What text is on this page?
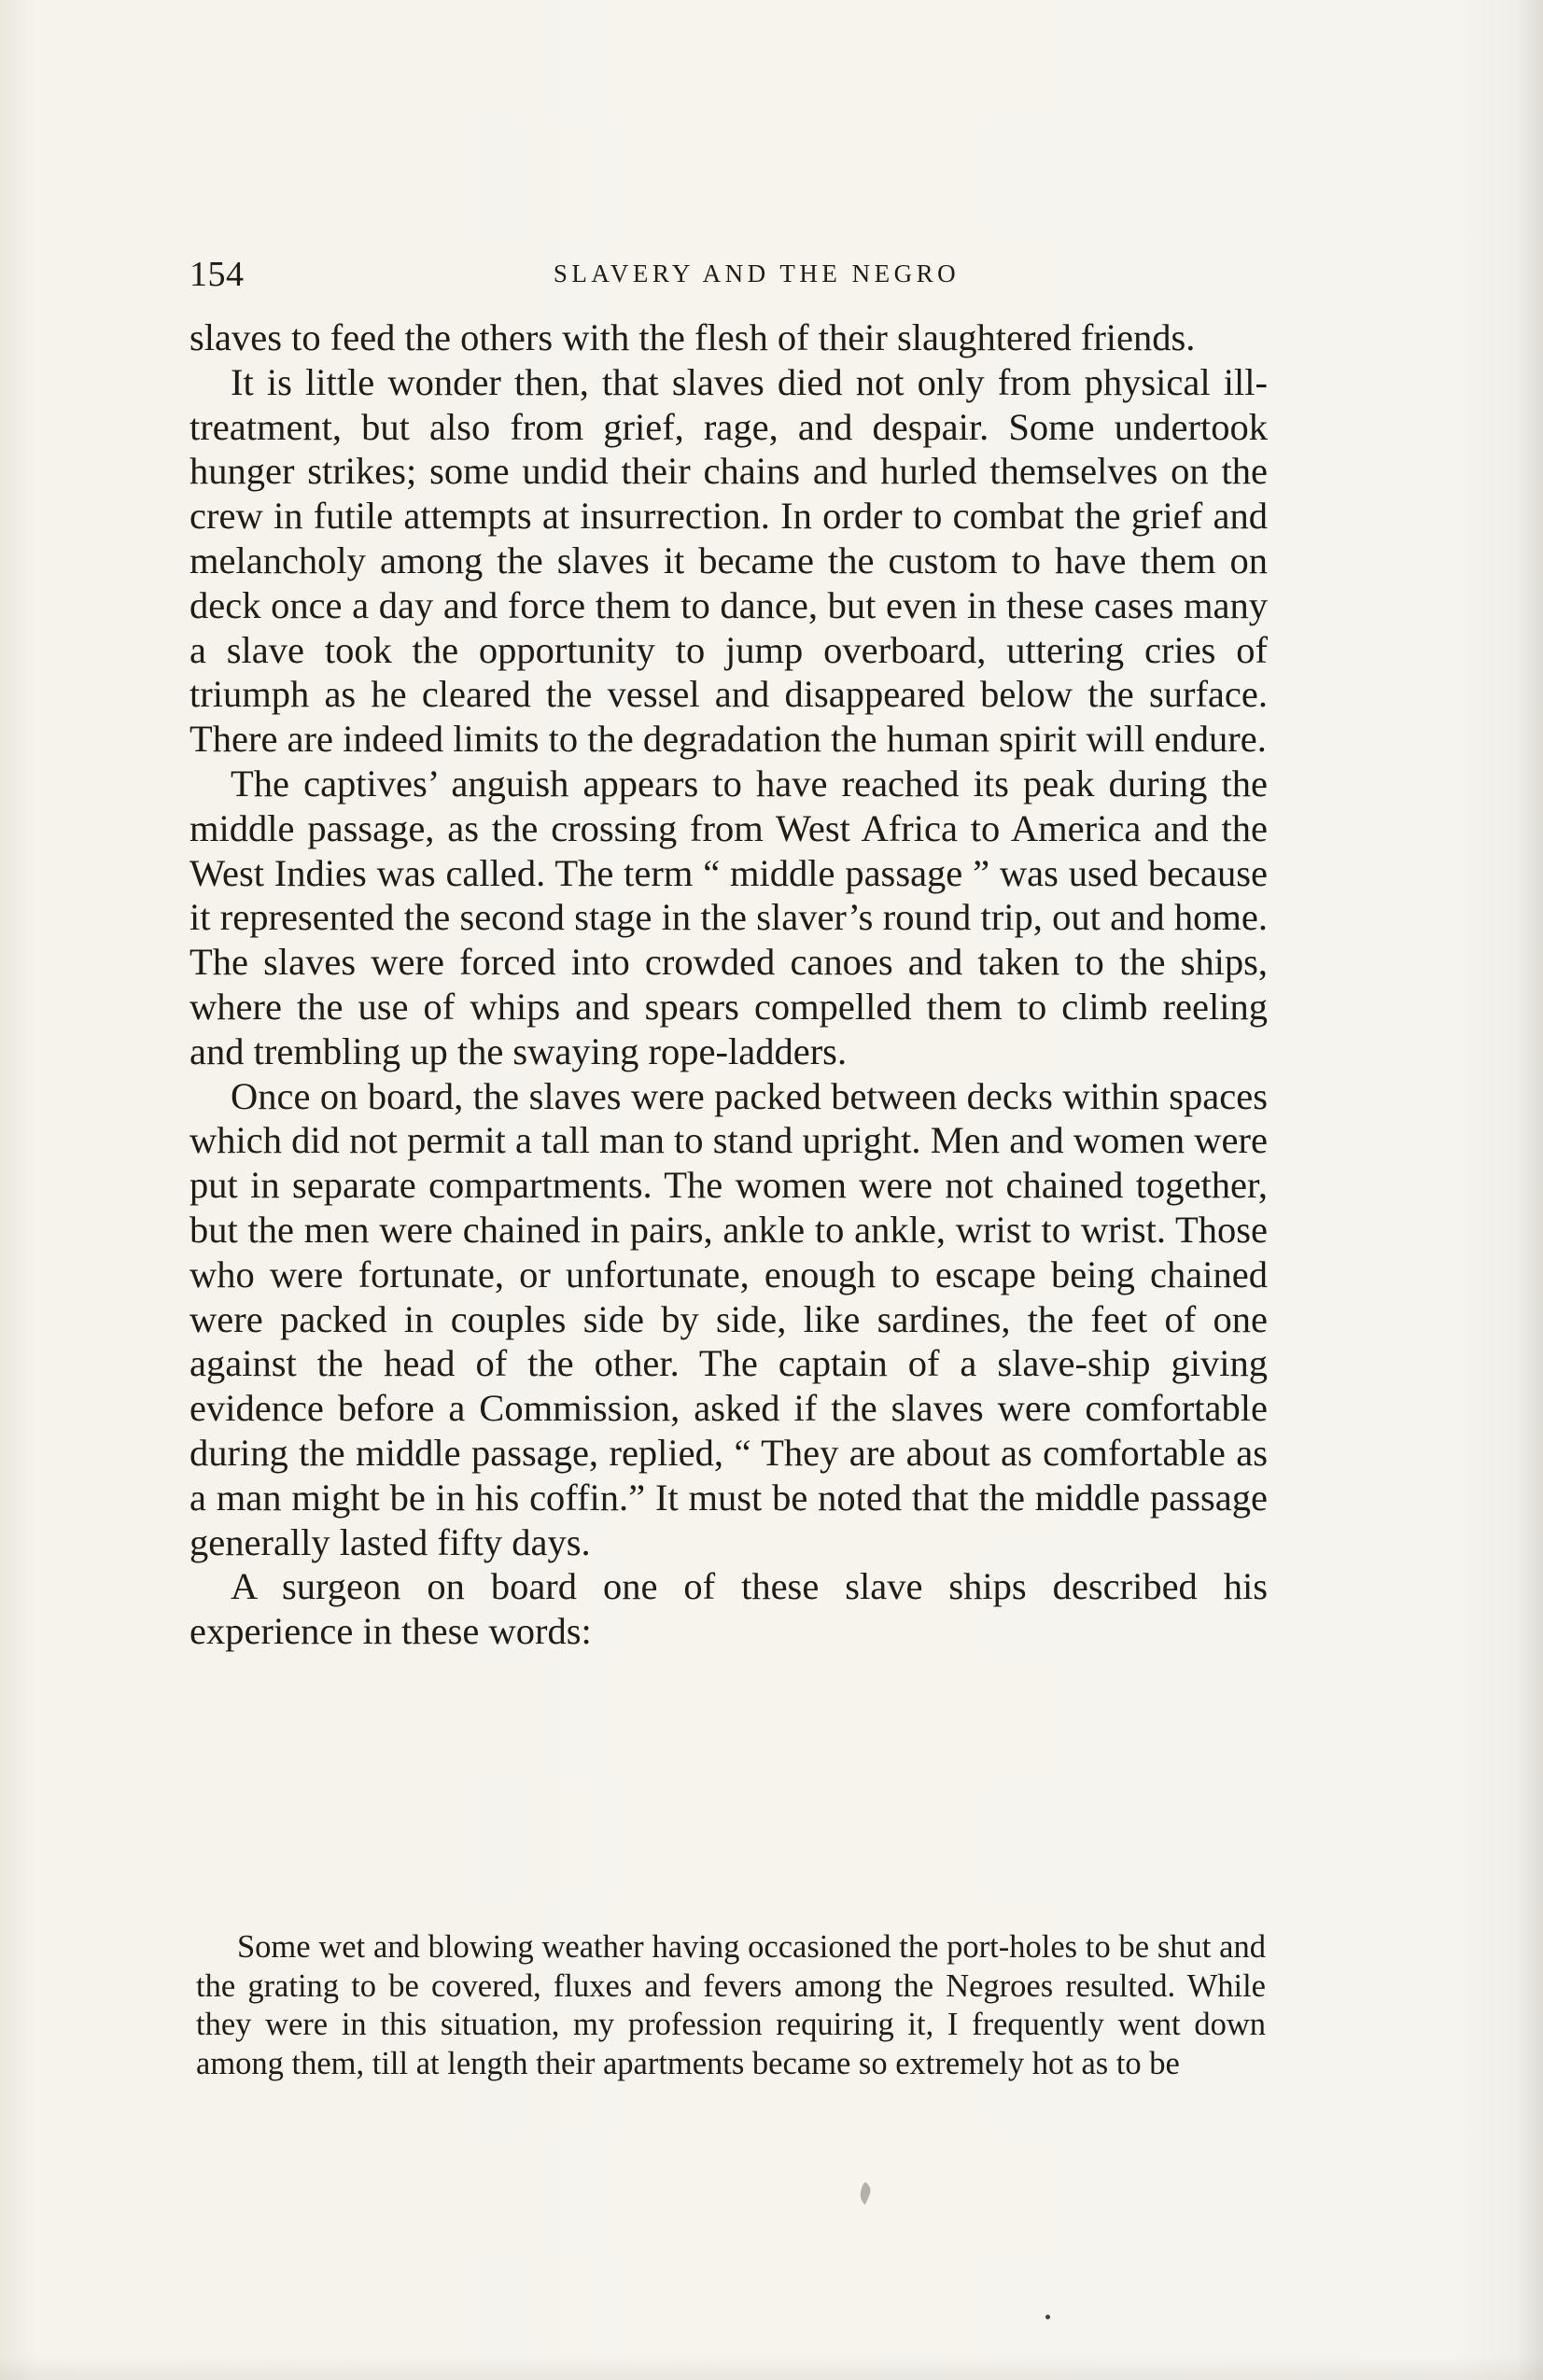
154	SLAVERY AND THE NEGRO

slaves to feed the others with the flesh of their slaughtered friends.

It is little wonder then, that slaves died not only from physical ill-treatment, but also from grief, rage, and despair. Some undertook hunger strikes; some undid their chains and hurled themselves on the crew in futile attempts at insurrection. In order to combat the grief and melancholy among the slaves it became the custom to have them on deck once a day and force them to dance, but even in these cases many a slave took the opportunity to jump overboard, uttering cries of triumph as he cleared the vessel and disappeared below the surface. There are indeed limits to the degradation the human spirit will endure.

The captives’ anguish appears to have reached its peak during the middle passage, as the crossing from West Africa to America and the West Indies was called. The term “ middle passage ” was used because it represented the second stage in the slaver’s round trip, out and home. The slaves were forced into crowded canoes and taken to the ships, where the use of whips and spears compelled them to climb reeling and trembling up the swaying rope-ladders.

Once on board, the slaves were packed between decks within spaces which did not permit a tall man to stand upright. Men and women were put in separate compartments. The women were not chained together, but the men were chained in pairs, ankle to ankle, wrist to wrist. Those who were fortunate, or unfortunate, enough to escape being chained were packed in couples side by side, like sardines, the feet of one against the head of the other. The captain of a slave-ship giving evidence before a Commission, asked if the slaves were comfortable during the middle passage, replied, “ They are about as comfortable as a man might be in his coffin.” It must be noted that the middle passage generally lasted fifty days.

A surgeon on board one of these slave ships described his experience in these words:

Some wet and blowing weather having occasioned the port-holes to be shut and the grating to be covered, fluxes and fevers among the Negroes resulted. While they were in this situation, my profession requiring it, I frequently went down among them, till at length their apartments became so extremely hot as to be
